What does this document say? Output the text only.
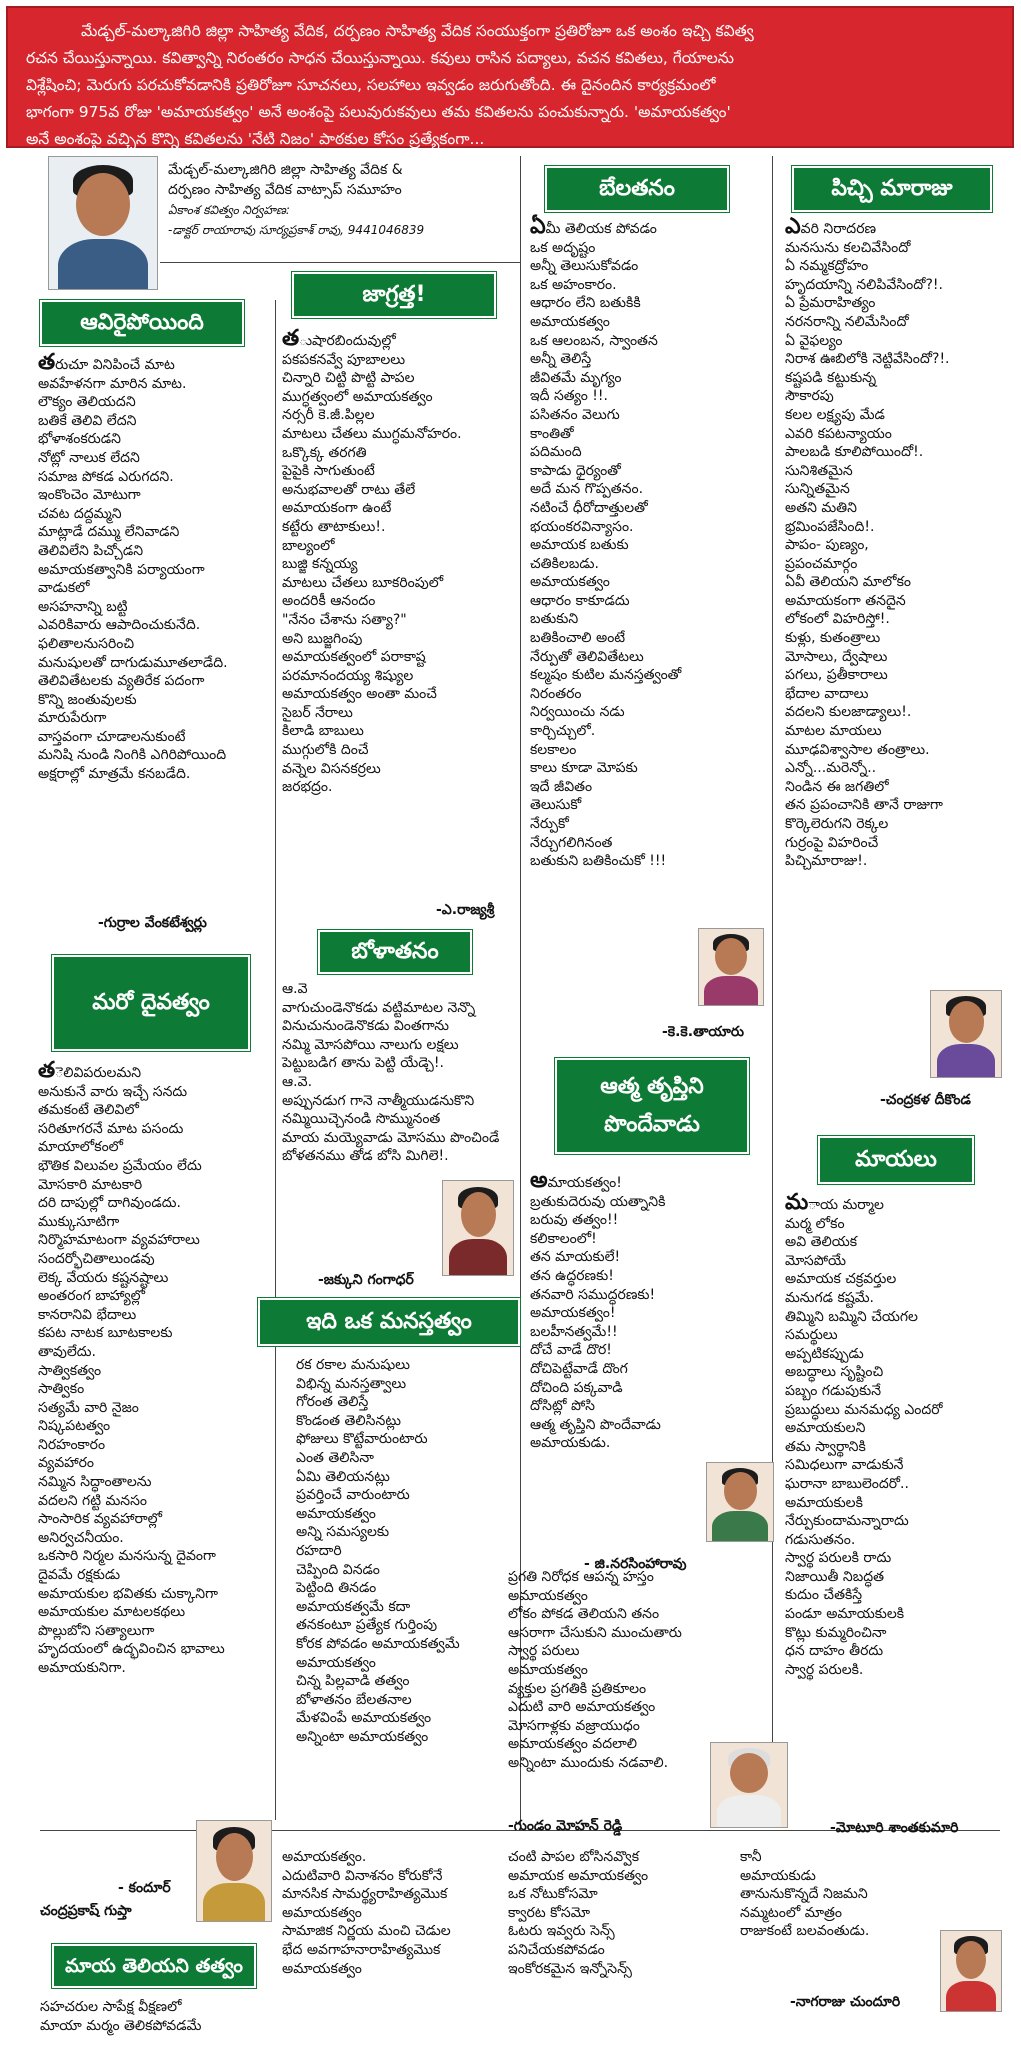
మేడ్చల్-మల్కాజిగిరి జిల్లా సాహిత్య వేదిక, దర్పణం సాహిత్య వేదిక సంయుక్తంగా ప్రతిరోజూ ఒక అంశం ఇచ్చి కవిత్వ
రచన చేయిస్తున్నాయి. కవిత్వాన్ని నిరంతరం సాధన చేయిస్తున్నాయి. కవులు రాసిన పద్యాలు, వచన కవితలు, గేయాలను
విశ్లేషించి; మెరుగు పరచుకోవడానికి ప్రతిరోజూ సూచనలు, సలహాలు ఇవ్వడం జరుగుతోంది. ఈ దైనందిన కార్యక్రమంలో
భాగంగా 975వ రోజు 'అమాయకత్వం' అనే అంశంపై పలువురుకవులు తమ కవితలను పంచుకున్నారు. 'అమాయకత్వం'
అనే అంశంపై వచ్చిన కొన్ని కవితలను 'నేటి నిజం' పాఠకుల కోసం ప్రత్యేకంగా...
మేడ్చల్-మల్కాజిగిరి జిల్లా సాహిత్య వేదిక &
దర్పణం సాహిత్య వేదిక వాట్సాప్ సమూహం
ఏకాంశ కవిత్వం నిర్వహణ:
-డాక్టర్ రాయారావు సూర్యప్రకాశ్ రావు, 9441046839
ఆవిరైపోయింది
తరుచూ వినిపించే మాట
అవహేళనగా మారిన మాట.
లౌక్యం తెలియదని
బతికే తెలివి లేదని
భోళాశంకరుడని
నోట్లో నాలుక లేదని
సమాజ పోకడ ఎరుగదని.
ఇంకొంచెం మోటుగా
చవట దద్దమ్మని
మాట్లాడే దమ్ము లేనివాడని
తెలివిలేని పిచ్చోడని
అమాయకత్వానికి పర్యాయంగా
వాడుకలో
అసహనాన్ని బట్టి
ఎవరికివారు ఆపాదించుకునేది.
ఫలితాలనుసరించి
మనుషులతో దాగుడుమూతలాడేది.
తెలివితేటలకు వ్యతిరేక పదంగా
కొన్ని జంతువులకు
మారుపేరుగా
వాస్తవంగా చూడాలనుకుంటే
మనిషి నుండి నింగికి ఎగిరిపోయింది
అక్షరాల్లో మాత్రమే కనబడేది.
-గుర్రాల వేంకటేశ్వర్లు
మరో దైవత్వం
తెలివిపరులమని
అనుకునే వారు ఇచ్చే సనదు
తమకంటే తెలివిలో
సరితూగరనే మాట పసందు
మాయాలోకంలో
భౌతిక విలువల ప్రమేయం లేదు
మోసకారి మాటకారి
దరి దాపుల్లో దాగివుండదు.
ముక్కుసూటిగా
నిర్మొహమాటంగా వ్యవహారాలు
సందర్భోచితాలుండవు
లెక్క వేయరు కష్టనష్టాలు
అంతరంగ బాహ్యాల్లో
కానరానివి భేదాలు
కపట నాటక బూటకాలకు
తావులేదు.
సాత్వికత్వం
సాత్వికం
సత్యమే వారి నైజం
నిష్కపటత్వం
నిరహంకారం
వ్యవహారం
నమ్మిన సిద్ధాంతాలను
వదలని గట్టి మనసం
సాంసారిక వ్యవహారాల్లో
అనిర్వచనీయం.
ఒకసారి నిర్మల మనసున్న దైవంగా
దైవమే రక్షకుడు
అమాయకుల భవితకు చుక్కానిగా
అమాయకుల మాటలకథలు
పొల్లుబోని సత్యాలుగా
హృదయంలో ఉద్భవించిన భావాలు
అమాయకునిగా.
- కందూర్
చంద్రప్రకాష్ గుప్తా
జాగ్రత్త!
తుషారబిందువుల్లో
పకపకనవ్వే పూబాలలు
చిన్నారి చిట్టి పొట్టి పాపల
ముగ్ధత్వంలో అమాయకత్వం
నర్సరీ కె.జీ.పిల్లల
మాటలు చేతలు ముగ్ధమనోహరం.
ఒక్కొక్క తరగతి
పైపైకి సాగుతుంటే
అనుభవాలతో రాటు తేలే
అమాయకంగా ఉంటే
కట్టేరు తాటాకులు!.
బాల్యంలో
బుజ్జి కన్నయ్య
మాటలు చేతలు బూకరింపులో
అందరికీ ఆనందం
"నేనం చేశాను సత్యా?"
అని బుజ్జగింపు
అమాయకత్వంలో పరాకాష్ట
పరమానందయ్య శిష్యుల
అమాయకత్వం అంతా మంచే
సైబర్ నేరాలు
కిలాడి బాబులు
ముగ్గులోకి దించే
వన్నెల విసనకర్రలు
జరభద్రం.
-ఎ.రాజ్యశ్రీ
బోళాతనం
ఆ.వె
వాగుచుండెనొకడు వట్టిమాటల నెన్నొ
వినుచునుండెనొకడు వింతగాను
నమ్మి మోసపోయి నాలుగు లక్షలు
పెట్టుబడిగ తాను పెట్టి యేడ్చె!.
ఆ.వె.
అప్పునడుగ గానె నాత్మీయుడనుకొని
నమ్మియిచ్చెనండి సొమ్మునంత
మాయ మయ్యెవాడు మోసము పొంచిండే
బోళతనము తోడ బోసి మిగిలె!.
-జక్కుని గంగాధర్
ఇది ఒక మనస్తత్వం
రక రకాల మనుషులు
విభిన్న మనస్తత్వాలు
గోరంత తెలిస్తే
కొండంత తెలిసినట్లు
ఫోజులు కొట్టేవారుంటారు
ఎంత తెలిసినా
ఏమి తెలియనట్లు
ప్రవర్తించే వారుంటారు
అమాయకత్వం
అన్ని సమస్యలకు
రహదారి
చెప్పింది వినడం
పెట్టింది తినడం
అమాయకత్వమే కదా
తనకంటూ ప్రత్యేక గుర్తింపు
కోరక పోవడం అమాయకత్వమే
అమాయకత్వం
చిన్న పిల్లవాడి తత్వం
బోళాతనం బేలతనాల
మేళవింపే అమాయకత్వం
అన్నింటా అమాయకత్వం
బేలతనం
ఏమీ తెలియక పోవడం
ఒక అదృష్టం
అన్నీ తెలుసుకోవడం
ఒక అహంకారం.
ఆధారం లేని బతుకికి
అమాయకత్వం
ఒక ఆలంబన, స్వాంతన
అన్నీ తెలిస్తే
జీవితమే మృగ్యం
ఇదీ సత్యం !!.
పసితనం వెలుగు
కాంతితో
పదిమంది
కాపాడు ధైర్యంతో
అదే మన గొప్పతనం.
నటించే ధీరోదాత్తులతో
భయంకరవిన్యాసం.
అమాయక బతుకు
చతికిలబడు.
అమాయకత్వం
ఆధారం కాకూడదు
బతుకుని
బతికించాలి అంటే
నేర్పుతో తెలివితేటలు
కల్మషం కుటిల మనస్తత్వంతో
నిరంతరం
నిర్వయించు నడు
కార్చిచ్చులో.
కలకాలం
కాలు కూడా మోపకు
ఇదే జీవితం
తెలుసుకో
నేర్పుకో
నేర్చుగలిగినంత
బతుకుని బతికించుకో !!!
-కె.కె.తాయారు
ఆత్మ తృప్తిని పొందేవాడు
అమాయకత్వం!
బ్రతుకుదెరువు యత్నానికి
బరువు తత్వం!!
కలికాలంలో!
తన మాయకులే!
తన ఉద్ధరణకు!
తనవారి సముద్ధరణకు!
అమాయకత్వం!
బలహీనత్వమే!!
దోచే వాడే దొర!
దోచిపెట్టేవాడే దొంగ
దోచింది పక్కవాడి
దోసిట్లో పోసి
ఆత్మ తృప్తిని పొందేవాడు
అమాయకుడు.
- జి.నరసింహారావు
ప్రగతి నిరోధక ఆపన్న హస్తం
అమాయకత్వం
లోకం పోకడ తెలియని తనం
ఆసరాగా చేసుకుని ముంచుతారు
స్వార్థ పరులు
అమాయకత్వం
వ్యక్తుల ప్రగతికి ప్రతికూలం
ఎదుటి వారి అమాయకత్వం
మోసగాళ్లకు వజ్రాయుధం
అమాయకత్వం వదలాలి
అన్నింటా ముందుకు నడవాలి.
-గుండం మోహన్ రెడ్డి
పిచ్చి మారాజు
ఎవరి నిరాదరణ
మనసును కలచివేసిందో
ఏ నమ్మకద్రోహం
హృదయాన్ని నలిపివేసిందో?!.
ఏ ప్రేమరాహిత్యం
నరనరాన్ని నలిమేసిందో
ఏ వైఫల్యం
నిరాశ ఊబిలోకి నెట్టివేసిందో?!.
కష్టపడి కట్టుకున్న
సౌకారపు
కలల లక్ష్యపు మేడ
ఎవరి కపటన్యాయం
పాలబడి కూలిపోయిందో!.
సునిశితమైన
సున్నితమైన
అతని మతిని
భ్రమింపజేసింది!.
పాపం- పుణ్యం,
ప్రపంచమార్గం
ఏవీ తెలియని మాలోకం
అమాయకంగా తనదైన
లోకంలో విహరిస్తో!.
కుళ్లు, కుతంత్రాలు
మోసాలు, ద్వేషాలు
పగలు, ప్రతీకారాలు
భేదాల వాదాలు
వదలని కులజాడ్యాలు!.
మాటల మాయలు
మూఢవిశ్వాసాల తంత్రాలు.
ఎన్నో...మరెన్నో..
నిండిన ఈ జగతిలో
తన ప్రపంచానికి తానే రాజుగా
కొర్కెలెరుగని రెక్కల
గుర్రంపై విహరించే
పిచ్చిమారాజు!.
-చంద్రకళ దీకొండ
మాయలు
మాయ మర్మాల
మర్మ లోకం
అవి తెలియక
మోసపోయే
అమాయక చక్రవర్తుల
మనుగడ కష్టమే.
తిమ్మిని బమ్మిని చేయగల
సమర్థులు
అప్పటికప్పుడు
అబద్ధాలు సృష్టించి
పబ్బం గడుపుకునే
ప్రబుద్ధులు మనమధ్య ఎందరో
అమాయకులని
తమ స్వార్థానికి
సమిధలుగా వాడుకునే
ఘరానా బాబులెందరో..
అమాయకులకి
నేర్పుకుందామన్నారాదు
గడుసుతనం.
స్వార్థ పరులకి రాదు
నిజాయితీ నిబద్ధత
కుదుం చేతకిస్తే
పండూ అమాయకులకి
కొట్లు కుమ్మరించినా
ధన దాహం తీరదు
స్వార్థ పరులకి.
-మోటూరి శాంతకుమారి
మాయ తెలియని తత్వం
సహచరుల సాపేక్ష వీక్షణలో
మాయా మర్మం తెలికపోవడమే
అమాయకత్వం.
ఎదుటివారి వినాశనం కోరుకోనే
మానసిక సామర్థ్యరాహిత్యమొక
అమాయకత్వం
సామాజిక నిర్ణయ మంచి చెడుల
భేద అవగాహనారాహిత్యమొక
అమాయకత్వం
చంటి పాపల బోసినవ్వొక
అమాయక అమాయకత్వం
ఒక నోటుకోసమో
క్వారట కోసమో
ఓటరు ఇవ్వరు సెన్స్
పనిచేయకపోవడం
ఇంకోరకమైన ఇన్నోసెన్స్
కానీ
అమాయకుడు
తానునుకొన్నదే నిజమని
నమ్మటంలో మాత్రం
రాజుకంటే బలవంతుడు.
-నాగరాజు చుందూరి
